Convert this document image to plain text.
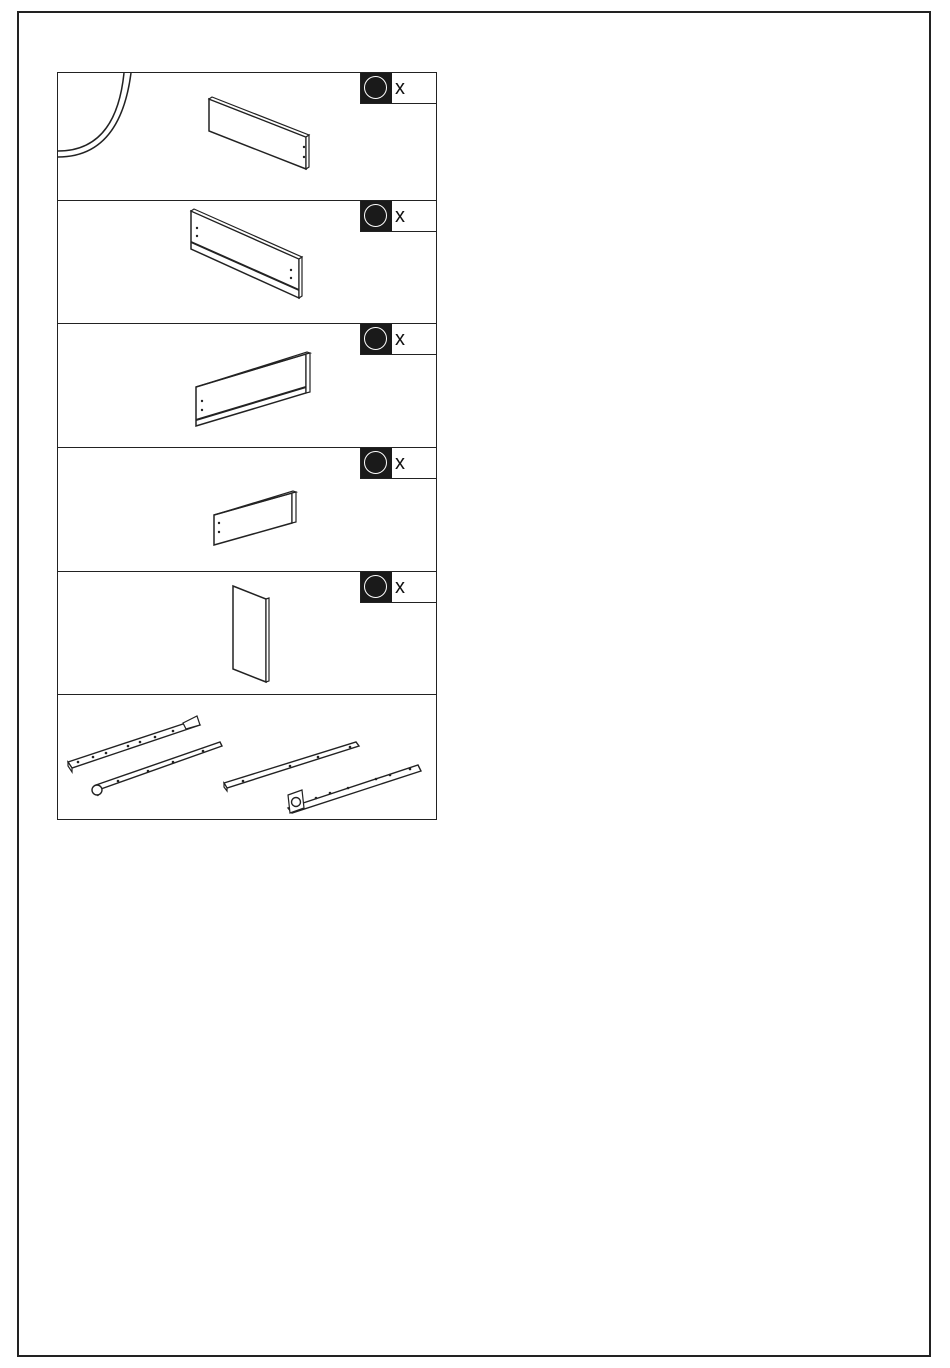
x
x
x
x
x
